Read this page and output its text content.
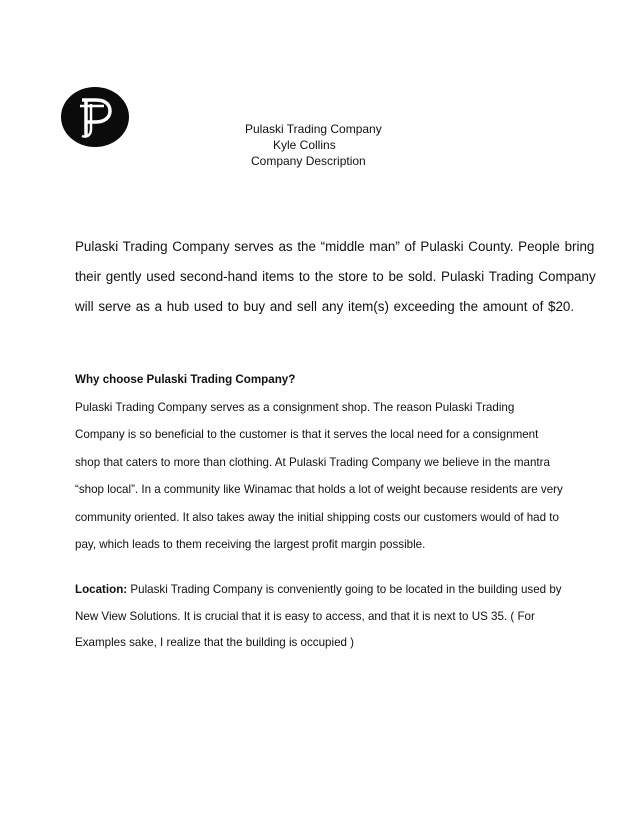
Pulaski Trading Company
Kyle Collins
Company Description

Pulaski Trading Company serves as the “middle man” of Pulaski County. People bring

their gently used second-hand items to the store to be sold. Pulaski Trading Company

will serve as a hub used to buy and sell any item(s) exceeding the amount of $20.

Why choose Pulaski Trading Company?

Pulaski Trading Company serves as a consignment shop. The reason Pulaski Trading

Company is so beneficial to the customer is that it serves the local need for a consignment

shop that caters to more than clothing. At Pulaski Trading Company we believe in the mantra

“shop local”. In a community like Winamac that holds a lot of weight because residents are very

community oriented. It also takes away the initial shipping costs our customers would of had to

pay, which leads to them receiving the largest profit margin possible.

Location: Pulaski Trading Company is conveniently going to be located in the building used by

New View Solutions. It is crucial that it is easy to access, and that it is next to US 35. ( For

Examples sake, I realize that the building is occupied )
